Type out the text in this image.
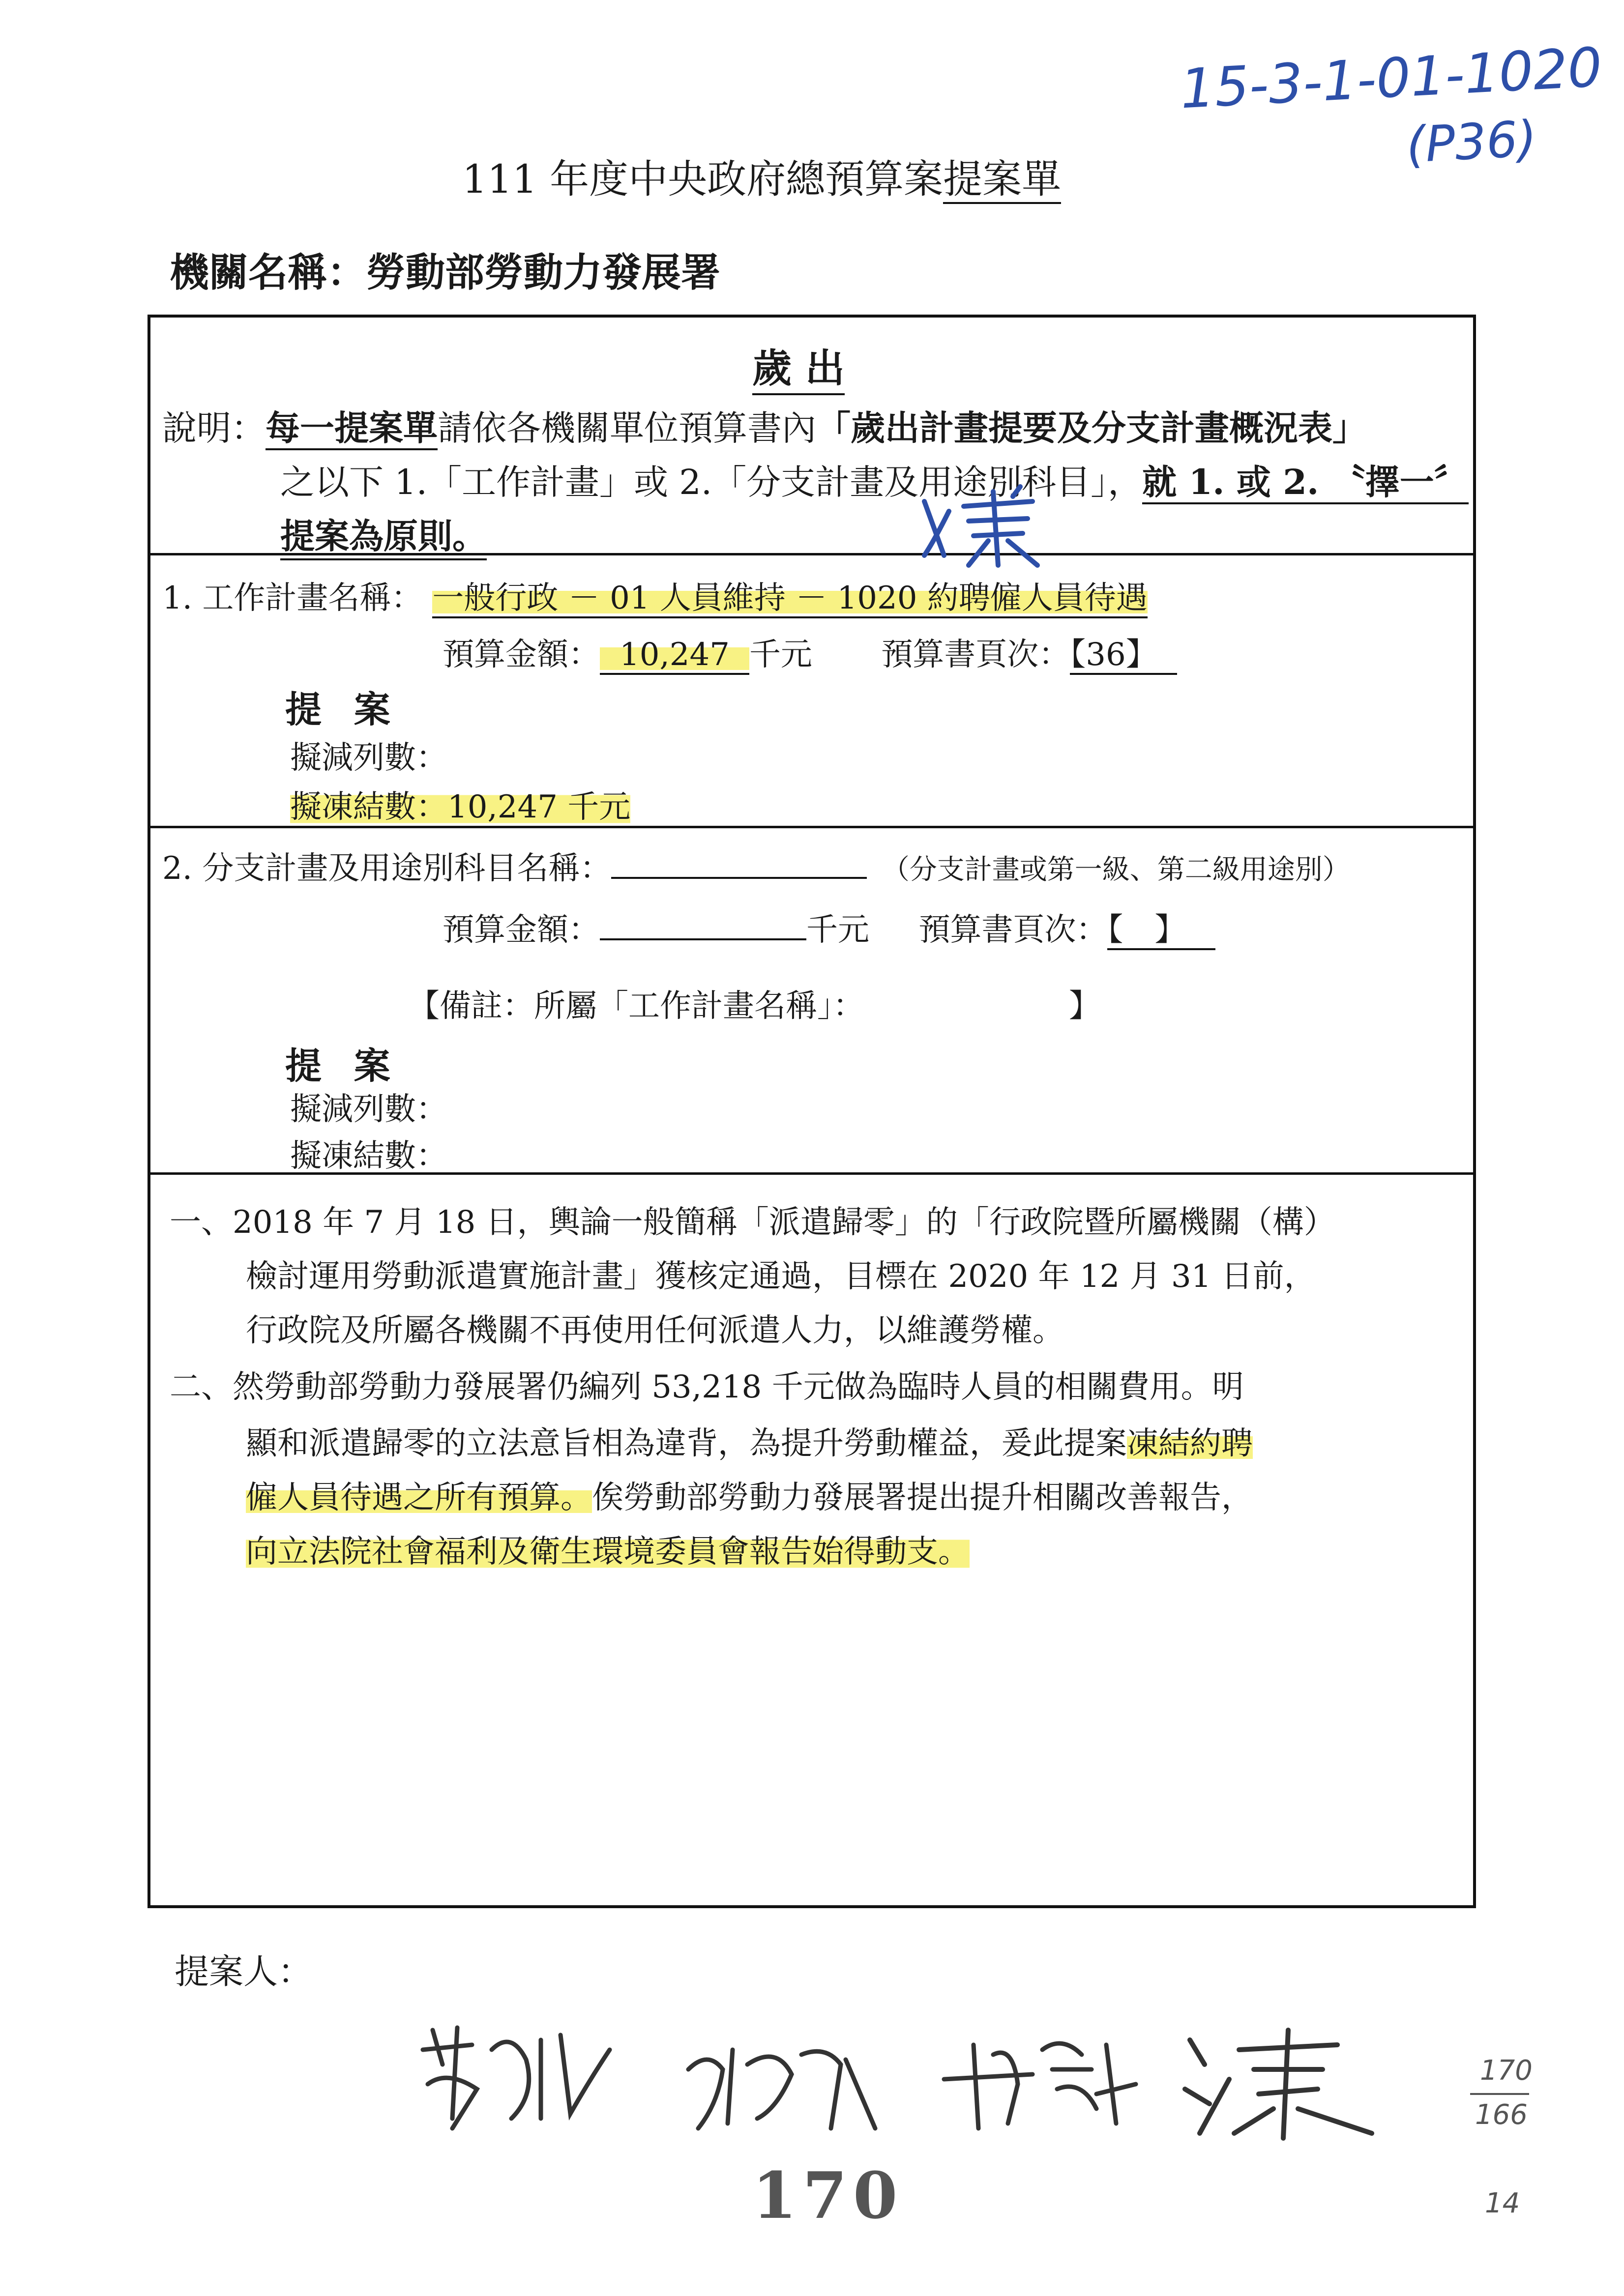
15-3-1-01-1020
(P36)
111 年度中央政府總預算案提案單
機關名稱：勞動部勞動力發展署
歲 出
說明：每一提案單請依各機關單位預算書內「歲出計畫提要及分支計畫概況表」
之以下 1.「工作計畫」或 2.「分支計畫及用途別科目」，就 1. 或 2. 〝擇一〞
提案為原則。
1. 工作計畫名稱： 一般行政 － 01 人員維持 － 1020 約聘僱人員待遇
預算金額： 10,247 千元 預算書頁次：【36】
提 案
擬減列數：
擬凍結數：10,247 千元
2. 分支計畫及用途別科目名稱：	（分支計畫或第一級、第二級用途別）
預算金額：	千元 預算書頁次：【　】
【備註：所屬「工作計畫名稱」：　　　　　　　】
提 案
擬減列數：
擬凍結數：
一、2018 年 7 月 18 日，輿論一般簡稱「派遣歸零」的「行政院暨所屬機關（構）
檢討運用勞動派遣實施計畫」獲核定通過，目標在 2020 年 12 月 31 日前，
行政院及所屬各機關不再使用任何派遣人力，以維護勞權。
二、然勞動部勞動力發展署仍編列 53,218 千元做為臨時人員的相關費用。明
顯和派遣歸零的立法意旨相為違背，為提升勞動權益，爰此提案凍結約聘
僱人員待遇之所有預算。俟勞動部勞動力發展署提出提升相關改善報告，
向立法院社會福利及衛生環境委員會報告始得動支。
提案人：
170
170
166
14
